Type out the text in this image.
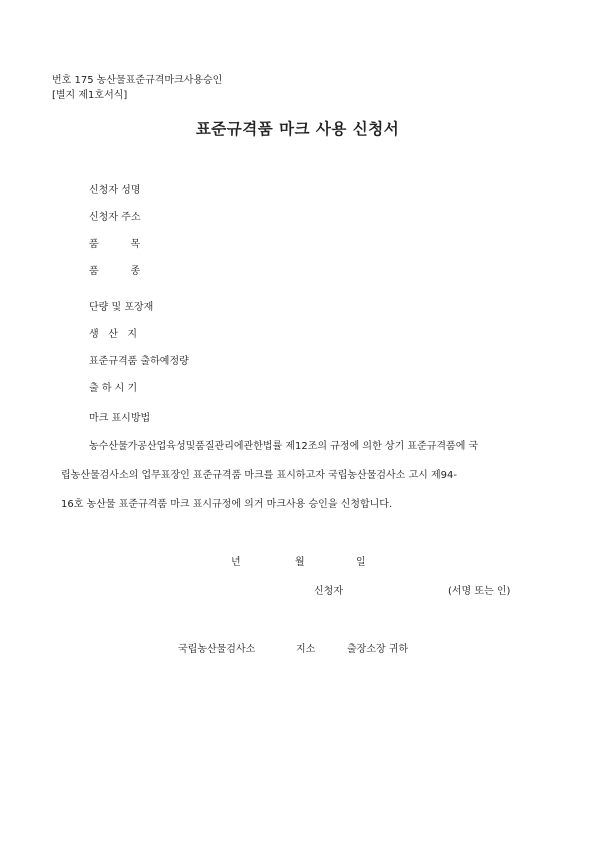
번호 175 농산물표준규격마크사용승인
[별지 제1호서식]
표준규격품 마크 사용 신청서
신청자 성명
신청자 주소
품          목
품          종
단량 및 포장재
생   산   지
표준규격품 출하예정량
출 하 시 기
마크 표시방법
농수산물가공산업육성및품질관리에관한법률 제12조의 규정에 의한 상기 표준규격품에 국
립농산물검사소의 업무표장인 표준규격품 마크를 표시하고자 국립농산물검사소 고시 제94-
16호 농산물 표준규격품 마크 표시규정에 의거 마크사용 승인을 신청합니다.
년	월	일
신청자	(서명 또는 인)
국립농산물검사소	지소	출장소장 귀하
